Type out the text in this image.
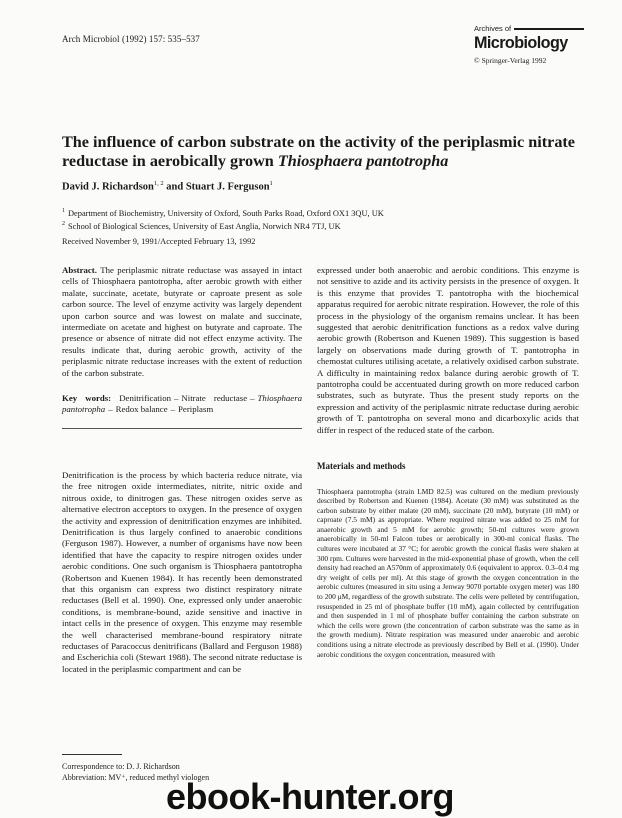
Arch Microbiol (1992) 157: 535–537
Archives of
Microbiology
© Springer-Verlag 1992
The influence of carbon substrate on the activity of the periplasmic nitrate reductase in aerobically grown Thiosphaera pantotropha
David J. Richardson$^{1, 2}$ and Stuart J. Ferguson$^1$
$^1$ Department of Biochemistry, University of Oxford, South Parks Road, Oxford OX1 3QU, UK
$^2$ School of Biological Sciences, University of East Anglia, Norwich NR4 7TJ, UK
Received November 9, 1991/Accepted February 13, 1992

Abstract. The periplasmic nitrate reductase was assayed in intact cells of Thiosphaera pantotropha, after aerobic growth with either malate, succinate, acetate, butyrate or caproate present as sole carbon source. The level of enzyme activity was largely dependent upon carbon source and was lowest on malate and succinate, intermediate on acetate and highest on butyrate and caproate. The presence or absence of nitrate did not effect enzyme activity. The results indicate that, during aerobic growth, activity of the periplasmic nitrate reductase increases with the extent of reduction of the carbon substrate.

Key words: Denitrification – Nitrate reductase – Thiosphaera pantotropha – Redox balance – Periplasm

Denitrification is the process by which bacteria reduce nitrate, via the free nitrogen oxide intermediates, nitrite, nitric oxide and nitrous oxide, to dinitrogen gas. These nitrogen oxides serve as alternative electron acceptors to oxygen. In the presence of oxygen the activity and expression of denitrification enzymes are inhibited. Denitrification is thus largely confined to anaerobic conditions (Ferguson 1987). However, a number of organisms have now been identified that have the capacity to respire nitrogen oxides under aerobic conditions. One such organism is Thiosphaera pantotropha (Robertson and Kuenen 1984). It has recently been demonstrated that this organism can express two distinct respiratory nitrate reductases (Bell et al. 1990). One, expressed only under anaerobic conditions, is membrane-bound, azide sensitive and inactive in intact cells in the presence of oxygen. This enzyme may resemble the well characterised membrane-bound respiratory nitrate reductases of Paracoccus denitrificans (Ballard and Ferguson 1988) and Escherichia coli (Stewart 1988). The second nitrate reductase is located in the periplasmic compartment and can be

expressed under both anaerobic and aerobic conditions. This enzyme is not sensitive to azide and its activity persists in the presence of oxygen. It is this enzyme that provides T. pantotropha with the biochemical apparatus required for aerobic nitrate respiration. However, the role of this process in the physiology of the organism remains unclear. It has been suggested that aerobic denitrification functions as a redox valve during aerobic growth (Robertson and Kuenen 1989). This suggestion is based largely on observations made during growth of T. pantotropha in chemostat cultures utilising acetate, a relatively oxidised carbon substrate. A difficulty in maintaining redox balance during aerobic growth of T. pantotropha could be accentuated during growth on more reduced carbon substrates, such as butyrate. Thus the present study reports on the expression and activity of the periplasmic nitrate reductase during aerobic growth of T. pantotropha on several mono and dicarboxylic acids that differ in respect of the reduced state of the carbon.

Materials and methods

Thiosphaera pantotropha (strain LMD 82.5) was cultured on the medium previously described by Robertson and Kuenen (1984). Acetate (30 mM) was substituted as the carbon substrate by either malate (20 mM), succinate (20 mM), butyrate (10 mM) or caproate (7.5 mM) as appropriate. Where required nitrate was added to 25 mM for anaerobic growth and 5 mM for aerobic growth; 50-ml cultures were grown anaerobically in 50-ml Falcon tubes or aerobically in 300-ml conical flasks. The cultures were incubated at 37 °C; for aerobic growth the conical flasks were shaken at 300 rpm. Cultures were harvested in the mid-exponential phase of growth, when the cell density had reached an A570nm of approximately 0.6 (equivalent to approx. 0.3–0.4 mg dry weight of cells per ml). At this stage of growth the oxygen concentration in the aerobic cultures (measured in situ using a Jenway 9070 portable oxygen meter) was 180 to 200 μM, regardless of the growth substrate. The cells were pelleted by centrifugation, resuspended in 25 ml of phosphate buffer (10 mM), again collected by centrifugation and then suspended in 1 ml of phosphate buffer containing the carbon substrate on which the cells were grown (the concentration of carbon substrate was the same as in the growth medium). Nitrate respiration was measured under anaerobic and aerobic conditions using a nitrate electrode as previously described by Bell et al. (1990). Under aerobic conditions the oxygen concentration, measured with

Correspondence to: D. J. Richardson
Abbreviation: MV⁺, reduced methyl viologen
ebook-hunter.org
